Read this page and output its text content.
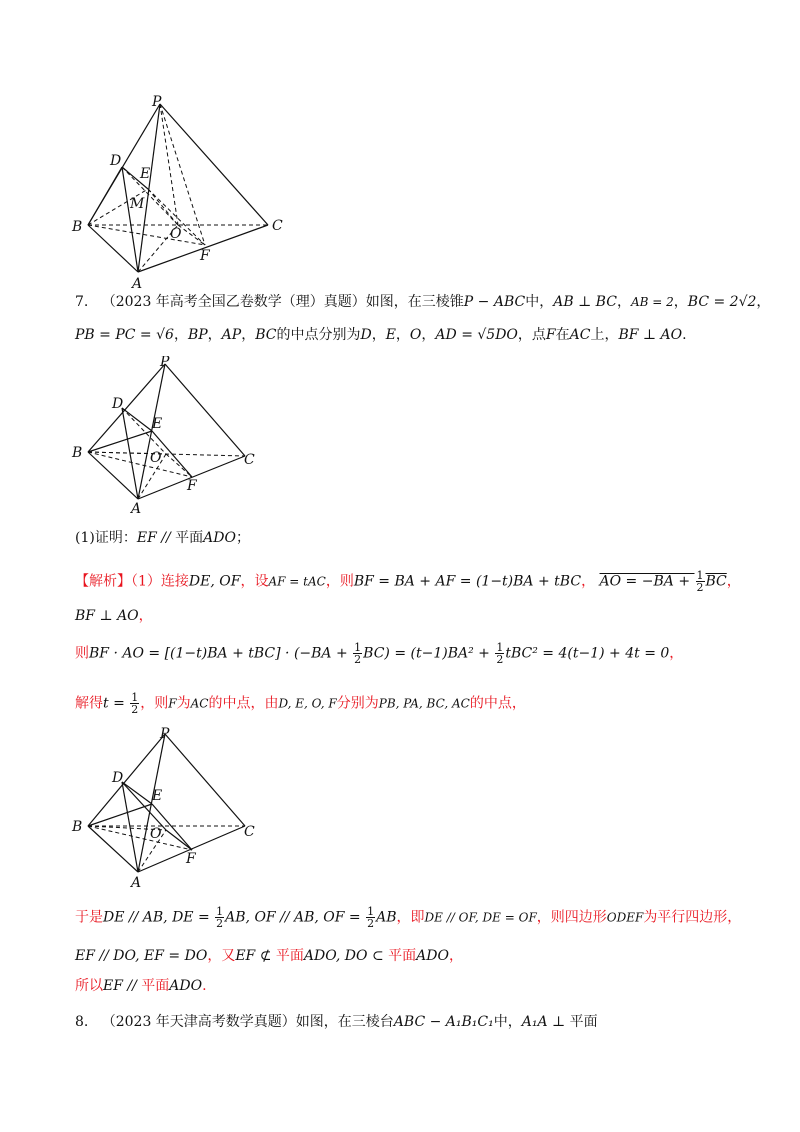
P
D
E
M
B	O	C
F
A
7. （2023 年高考全国乙卷数学（理）真题）如图，在三棱锥P − ABC中，AB ⊥ BC，AB = 2，BC = 2√2，
PB = PC = √6，BP，AP，BC的中点分别为D，E，O，AD = √5DO，点F在AC上，BF ⊥ AO.
P
D
E
B	O	C
F
A
(1)证明：EF // 平面ADO；
【解析】（1）连接DE, OF，设AF = tAC，则BF = BA + AF = (1−t)BA + tBC， AO = $-BA + \frac{1}{2} \overline{BC}$，
BF ⊥ AO，
则BF · AO = $[(1-t)BA + tBC] \cdot (-BA + \frac{1}{2} BC) = (t-1)BA^2 + \frac{1}{2} tBC^2 = 4(t-1) + 4t = 0$，
解得$t = \frac{1}{2}$ ，则F为AC的中点，由D, E, O, F分别为PB, PA, BC, AC的中点，
P
D
E
B	O	C
F
A
于是DE // AB, DE = $\frac{1}{2}$ AB, OF // AB, OF = $\frac{1}{2}$ AB，即DE // OF, DE = OF，则四边形ODEF为平行四边形，
EF // DO, EF = DO，又EF ⊄ 平面ADO, DO ⊂ 平面ADO，
所以EF // 平面ADO.
8. （2023 年天津高考数学真题）如图，在三棱台ABC − A₁B₁C₁中，A₁A ⊥ 平面
